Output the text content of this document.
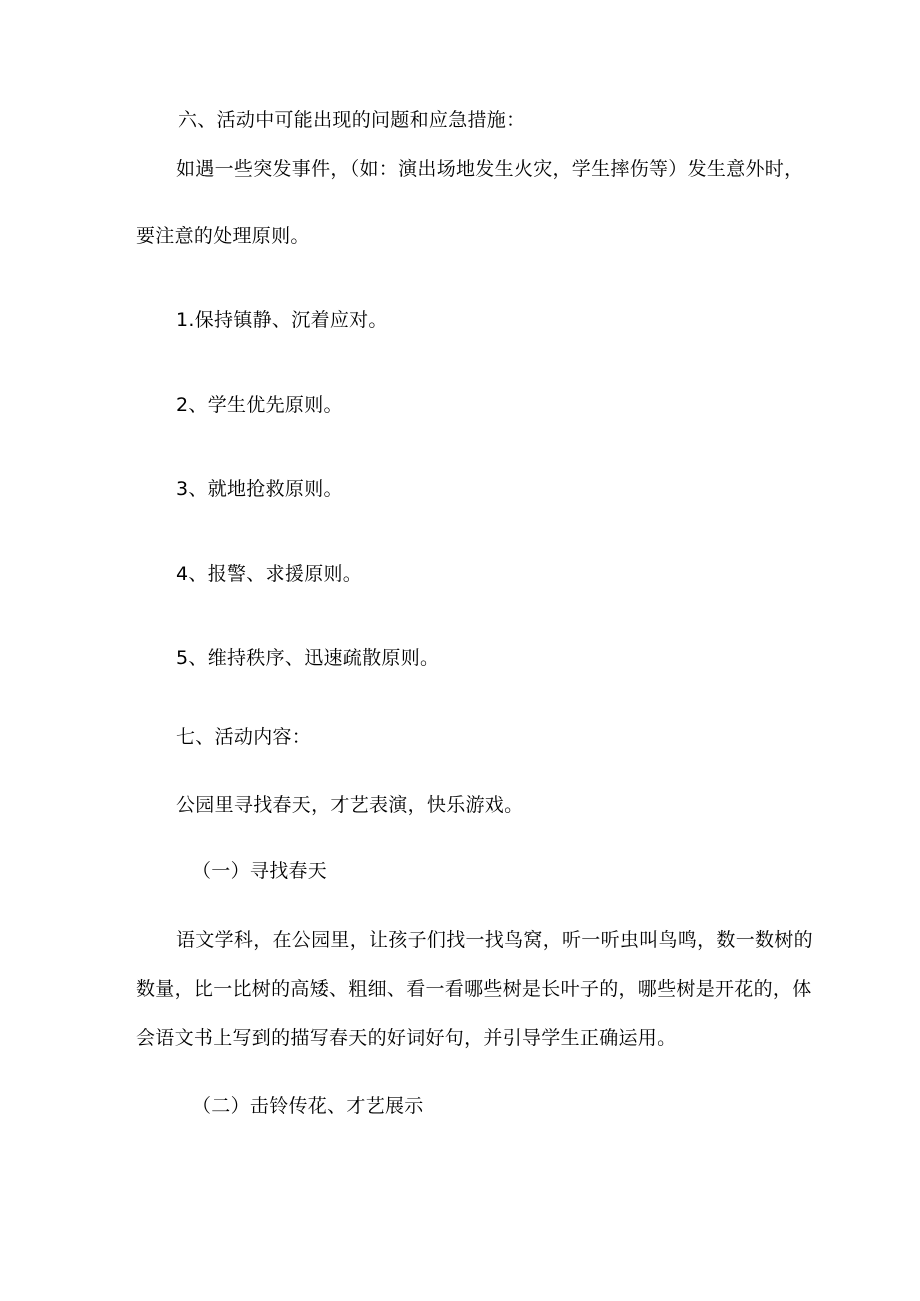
六、活动中可能出现的问题和应急措施：
如遇一些突发事件，（如：演出场地发生火灾，学生摔伤等）发生意外时，
要注意的处理原则。
1.保持镇静、沉着应对。
2、学生优先原则。
3、就地抢救原则。
4、报警、求援原则。
5、维持秩序、迅速疏散原则。
七、活动内容：
公园里寻找春天，才艺表演，快乐游戏。
（一）寻找春天
语文学科，在公园里，让孩子们找一找鸟窝，听一听虫叫鸟鸣，数一数树的
数量，比一比树的高矮、粗细、看一看哪些树是长叶子的，哪些树是开花的，体
会语文书上写到的描写春天的好词好句，并引导学生正确运用。
（二）击铃传花、才艺展示
